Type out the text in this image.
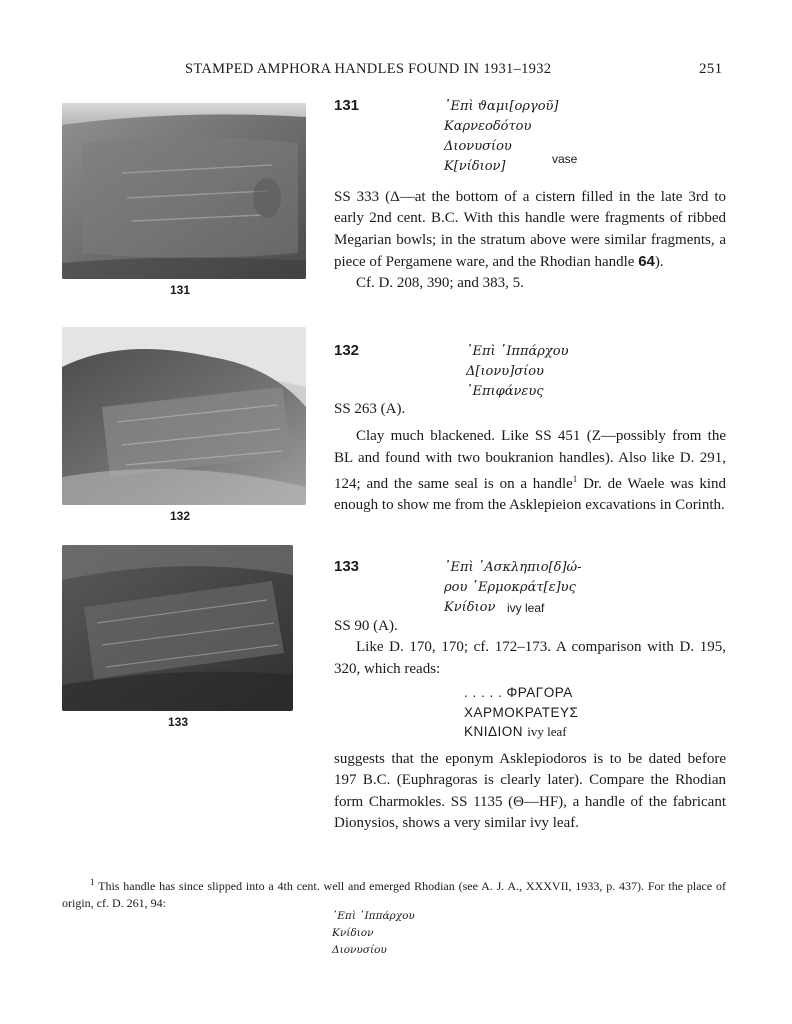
STAMPED AMPHORA HANDLES FOUND IN 1931–1932	251
131
131	᾿Επὶ ϑαμι[οργοῦ]
Καρνεοδότου
Διονυσίου
Κ[νίδιον]	vase

SS 333 (Δ—at the bottom of a cistern filled in the late 3rd to early 2nd cent. B.C. With this handle were fragments of ribbed Megarian bowls; in the stratum above were similar fragments, a piece of Pergamene ware, and the Rhodian handle 64).

Cf. D. 208, 390; and 383, 5.

132
132	᾿Επὶ ῾Ιππάρχου
Δ[ιονυ]σίου
᾿Επιφάνευς

SS 263 (A).

Clay much blackened. Like SS 451 (Z—possibly from the BL and found with two boukranion handles). Also like D. 291, 124; and the same seal is on a handle$^1$ Dr. de Waele was kind enough to show me from the Asklepieion excavations in Corinth.

133
133	᾿Επὶ ᾿Ασκληπιο[δ]ώ-
ρου ῾Ερμοκράτ[ε]υς
Κνίδιον ivy leaf

SS 90 (A).

Like D. 170, 170; cf. 172–173. A comparison with D. 195, 320, which reads:

. . . . . ΦΡΑΓΟΡΑ
ΧΑΡΜΟΚΡΑΤΕΥΣ
ΚΝΙΔΙΟΝ ivy leaf

suggests that the eponym Asklepiodoros is to be dated before 197 B.C. (Euphragoras is clearly later). Compare the Rhodian form Charmokles. SS 1135 (Θ—HF), a handle of the fabricant Dionysios, shows a very similar ivy leaf.

$^1$ This handle has since slipped into a 4th cent. well and emerged Rhodian (see A. J. A., XXXVII, 1933, p. 437). For the place of origin, cf. D. 261, 94:
᾿Επὶ ῾Ιππάρχου
Κνίδιον
Διονυσίου
